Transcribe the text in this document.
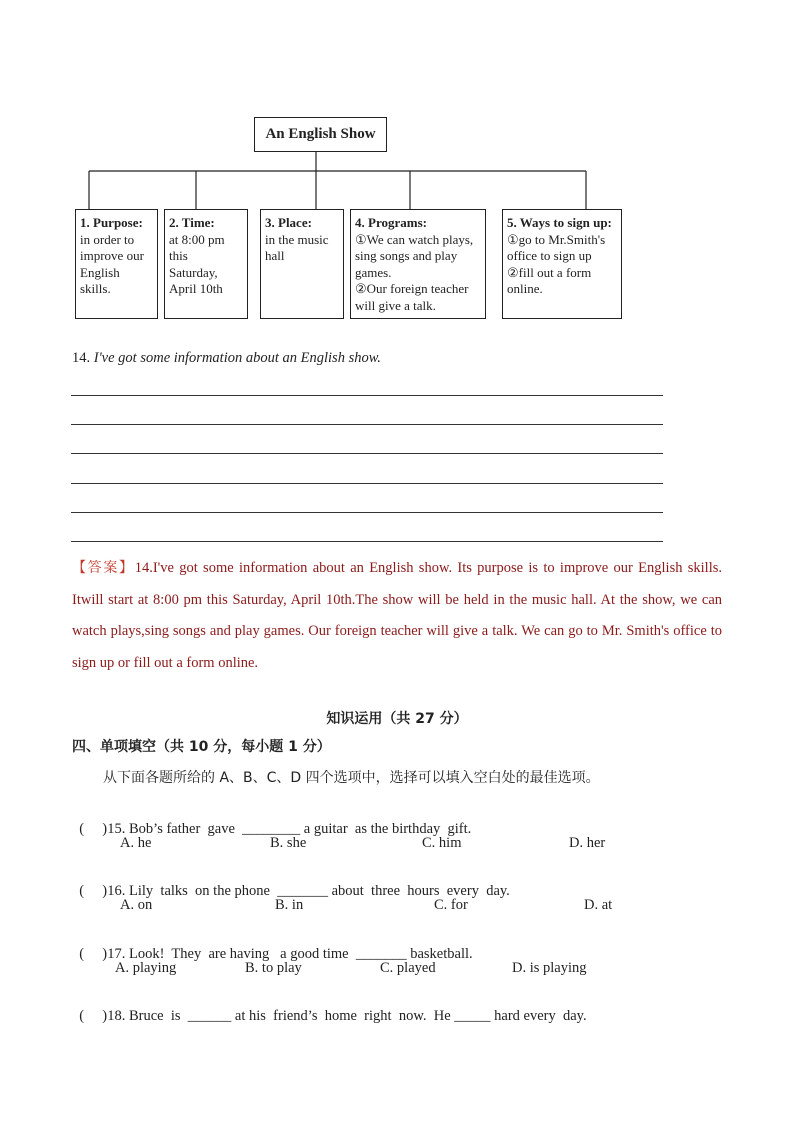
An English Show
1. Purpose:
in order to
improve our
English
skills.
2. Time:
at 8:00 pm
this
Saturday,
April 10th
3. Place:
in the music
hall
4. Programs:
①We can watch plays,
sing songs and play
games.
②Our foreign teacher
will give a talk.
5. Ways to sign up:
①go to Mr.Smith's
office to sign up
②fill out a form
online.
14. I've got some information about an English show.
【答案】14.I've got some information about an English show. Its purpose is to improve our English skills. Itwill start at 8:00 pm this Saturday, April 10th.The show will be held in the music hall. At the show, we can watch plays,sing songs and play games. Our foreign teacher will give a talk. We can go to Mr. Smith's office to sign up or fill out a form online.
知识运用（共 27 分）
四、单项填空（共 10 分，每小题 1 分）
从下面各题所给的 A、B、C、D 四个选项中，选择可以填入空白处的最佳选项。

(     )15. Bob’s father  gave  ________ a guitar  as the birthday  gift.

A. he	B. she	C. him	D. her

(     )16. Lily  talks  on the phone  _______ about  three  hours  every  day.

A. on	B. in	C. for	D. at

(     )17. Look!  They  are having   a good time  _______ basketball.

A. playing	B. to play	C. played	D. is playing

(     )18. Bruce  is  ______ at his  friend’s  home  right  now.  He _____ hard every  day.
